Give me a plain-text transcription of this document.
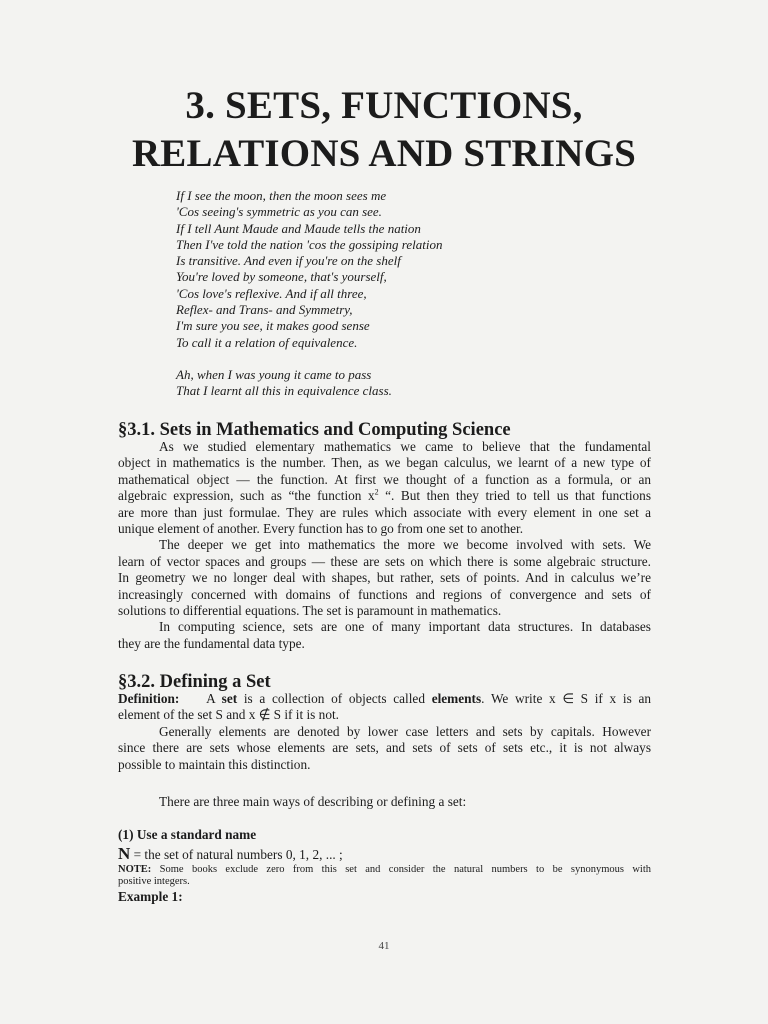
3. SETS, FUNCTIONS,
RELATIONS AND STRINGS
If I see the moon, then the moon sees me
'Cos seeing's symmetric as you can see.
If I tell Aunt Maude and Maude tells the nation
Then I've told the nation 'cos the gossiping relation
Is transitive. And even if you're on the shelf
You're loved by someone, that's yourself,
'Cos love's reflexive. And if all three,
Reflex- and Trans- and Symmetry,
I'm sure you see, it makes good sense
To call it a relation of equivalence.
Ah, when I was young it came to pass
That I learnt all this in equivalence class.
§3.1. Sets in Mathematics and Computing Science
As we studied elementary mathematics we came to believe that the fundamental
object in mathematics is the number. Then, as we began calculus, we learnt of a new type of
mathematical object — the function. At first we thought of a function as a formula, or an
algebraic expression, such as “the function $x^2$ “. But then they tried to tell us that functions
are more than just formulae. They are rules which associate with every element in one set a
unique element of another. Every function has to go from one set to another.
The deeper we get into mathematics the more we become involved with sets. We
learn of vector spaces and groups — these are sets on which there is some algebraic structure.
In geometry we no longer deal with shapes, but rather, sets of points. And in calculus we’re
increasingly concerned with domains of functions and regions of convergence and sets of
solutions to differential equations. The set is paramount in mathematics.
In computing science, sets are one of many important data structures. In databases
they are the fundamental data type.
§3.2. Defining a Set
Definition: A set is a collection of objects called elements. We write x ∈ S if x is an
element of the set S and x ∉ S if it is not.
Generally elements are denoted by lower case letters and sets by capitals. However
since there are sets whose elements are sets, and sets of sets of sets etc., it is not always
possible to maintain this distinction.
There are three main ways of describing or defining a set:
(1) Use a standard name
N = the set of natural numbers 0, 1, 2, ... ;
NOTE: Some books exclude zero from this set and consider the natural numbers to be synonymous with
positive integers.
Example 1:
41
